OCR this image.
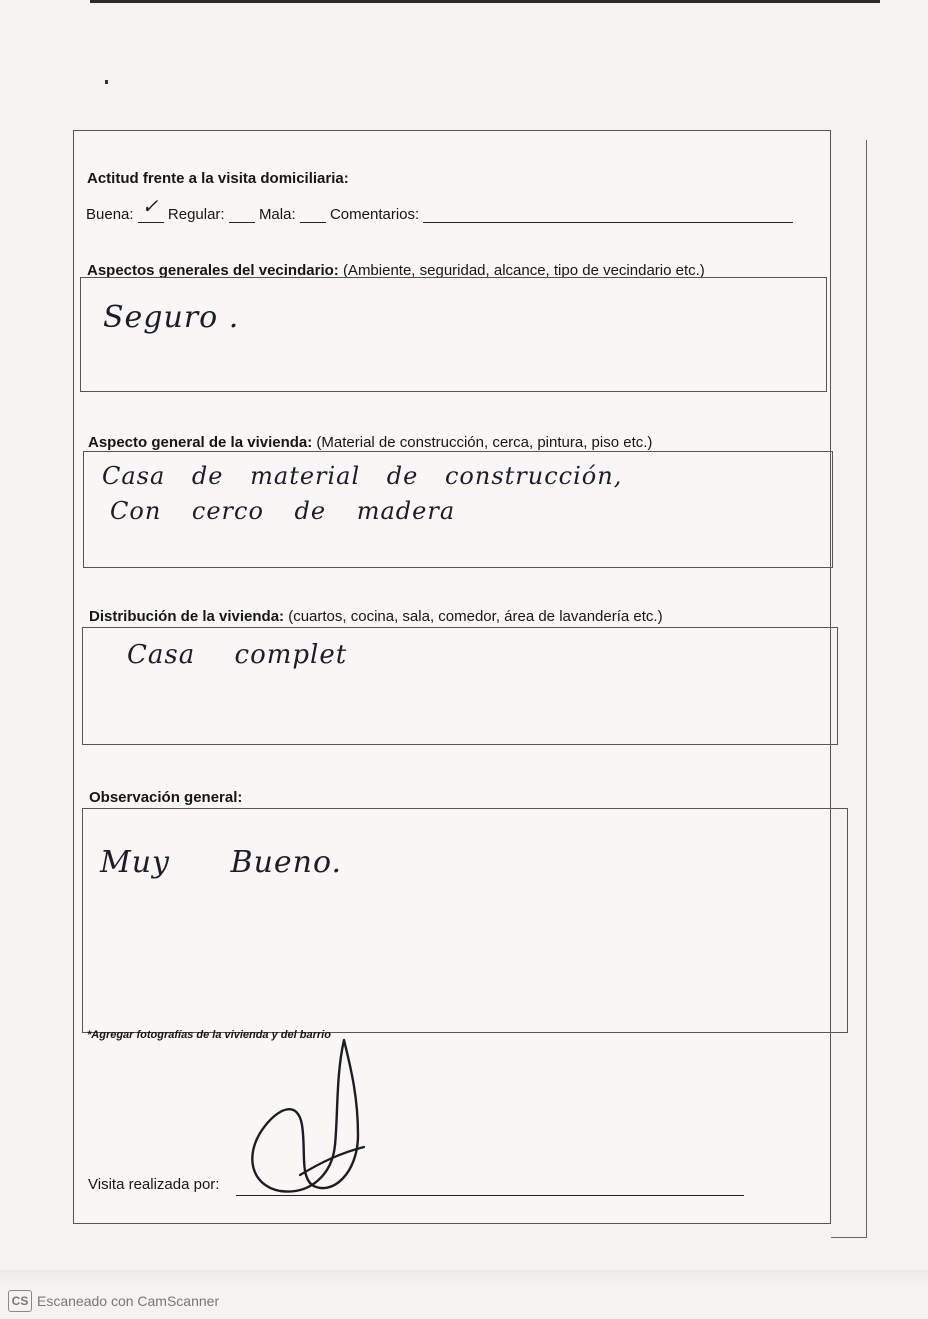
Actitud frente a la visita domiciliaria:
Buena: ✓ Regular: Mala: Comentarios:
Aspectos generales del vecindario: (Ambiente, seguridad, alcance, tipo de vecindario etc.)
Seguro .
Aspecto general de la vivienda: (Material de construcción, cerca, pintura, piso etc.)
Casa de material de construcción,
Con cerco de madera
Distribución de la vivienda: (cuartos, cocina, sala, comedor, área de lavandería etc.)
Casa complet
Observación general:
Muy Bueno.
*Agregar fotografías de la vivienda y del barrio
Visita realizada por:
CS Escaneado con CamScanner
